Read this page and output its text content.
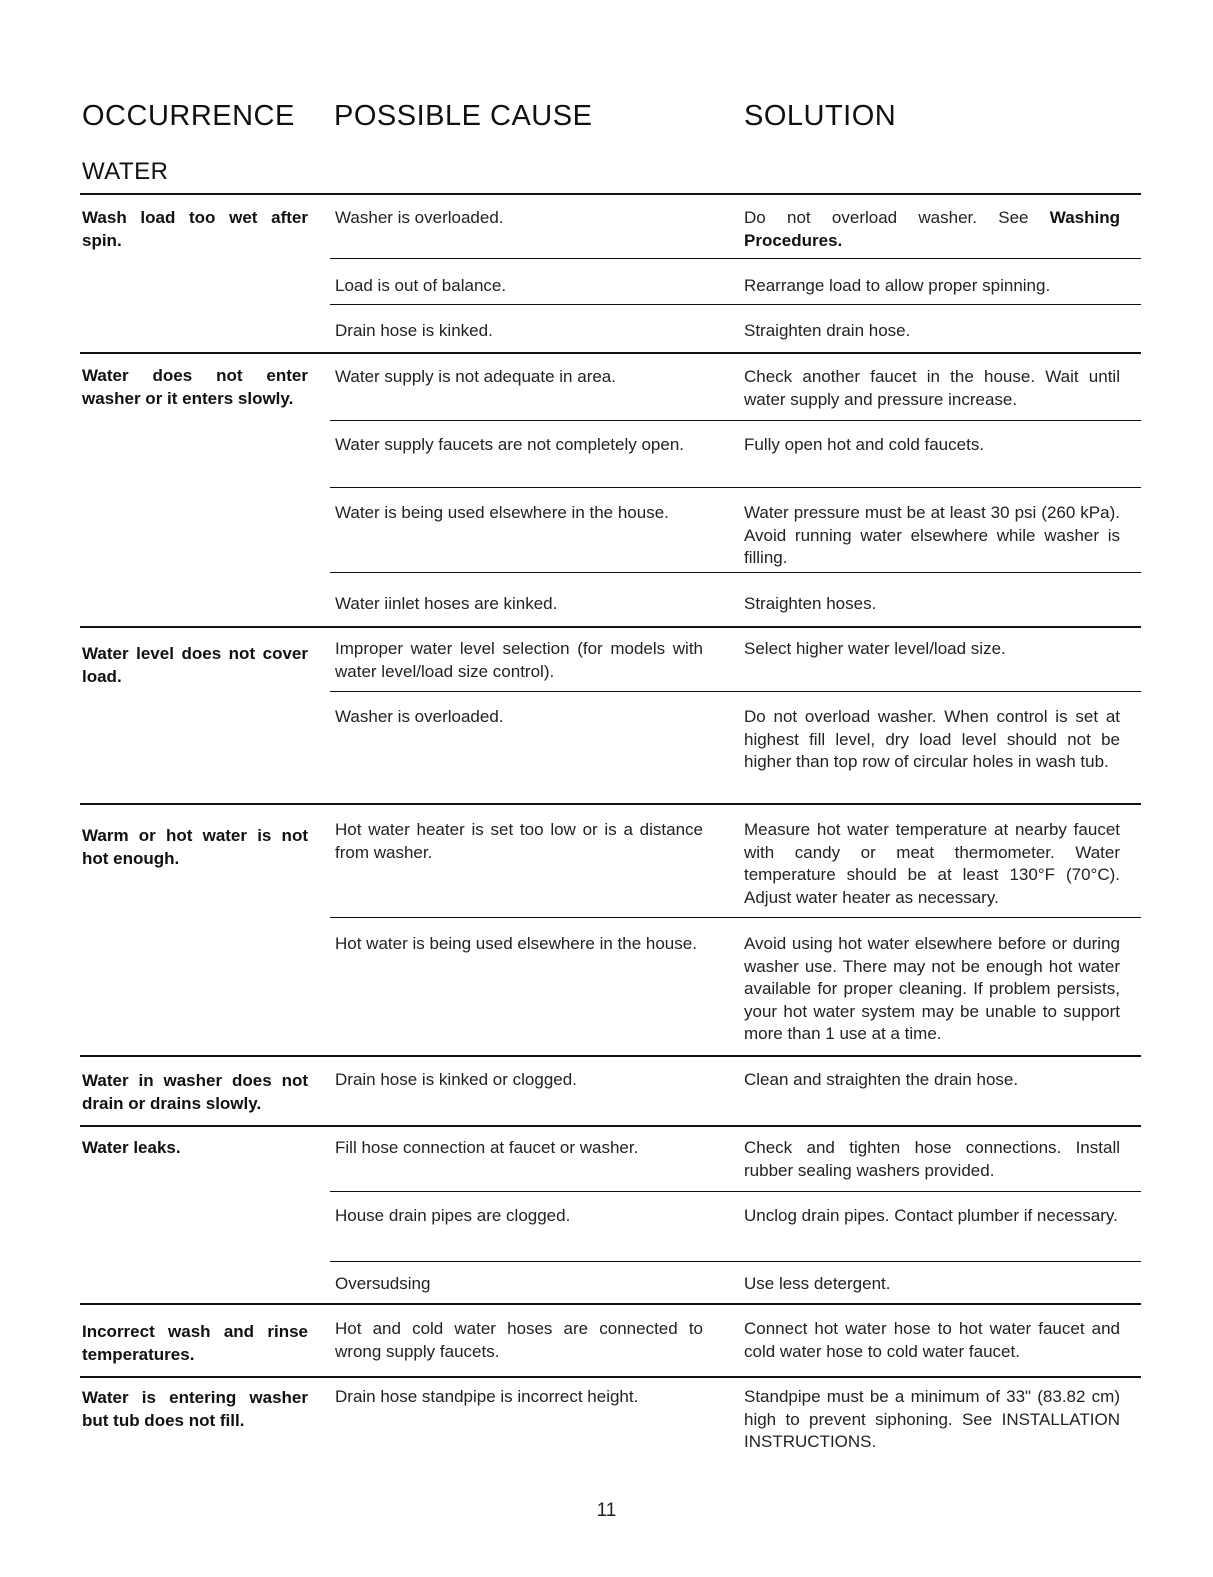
OCCURRENCE POSSIBLE CAUSE	SOLUTION
WATER
Wash load too wet after spin.
Water does not enter washer or it enters slowly.
Water level does not cover load.
Warm or hot water is not hot enough.
Water in washer does not drain or drains slowly.
Water leaks.
Incorrect wash and rinse temperatures.
Water is entering washer but tub does not fill.
Washer is overloaded.
Load is out of balance.
Drain hose is kinked.
Water supply is not adequate in area.
Water supply faucets are not completely open.
Water is being used elsewhere in the house.
Water iinlet hoses are kinked.
Improper water level selection (for models with water level/load size control).
Washer is overloaded.
Hot water heater is set too low or is a distance from washer.
Hot water is being used elsewhere in the house.
Drain hose is kinked or clogged.
Fill hose connection at faucet or washer.
House drain pipes are clogged.
Oversudsing
Hot and cold water hoses are connected to wrong supply faucets.
Drain hose standpipe is incorrect height.
Do not overload washer. See Washing Procedures.
Rearrange load to allow proper spinning.
Straighten drain hose.
Check another faucet in the house. Wait until water supply and pressure increase.
Fully open hot and cold faucets.
Water pressure must be at least 30 psi (260 kPa). Avoid running water elsewhere while washer is filling.
Straighten hoses.
Select higher water level/load size.
Do not overload washer. When control is set at highest fill level, dry load level should not be higher than top row of circular holes in wash tub.
Measure hot water temperature at nearby faucet with candy or meat thermometer. Water temperature should be at least 130°F (70°C). Adjust water heater as necessary.
Avoid using hot water elsewhere before or during washer use. There may not be enough hot water available for proper cleaning. If problem persists, your hot water system may be unable to support more than 1 use at a time.
Clean and straighten the drain hose.
Check and tighten hose connections. Install rubber sealing washers provided.
Unclog drain pipes. Contact plumber if necessary.
Use less detergent.
Connect hot water hose to hot water faucet and cold water hose to cold water faucet.
Standpipe must be a minimum of 33" (83.82 cm) high to prevent siphoning. See INSTALLATION INSTRUCTIONS.
11
